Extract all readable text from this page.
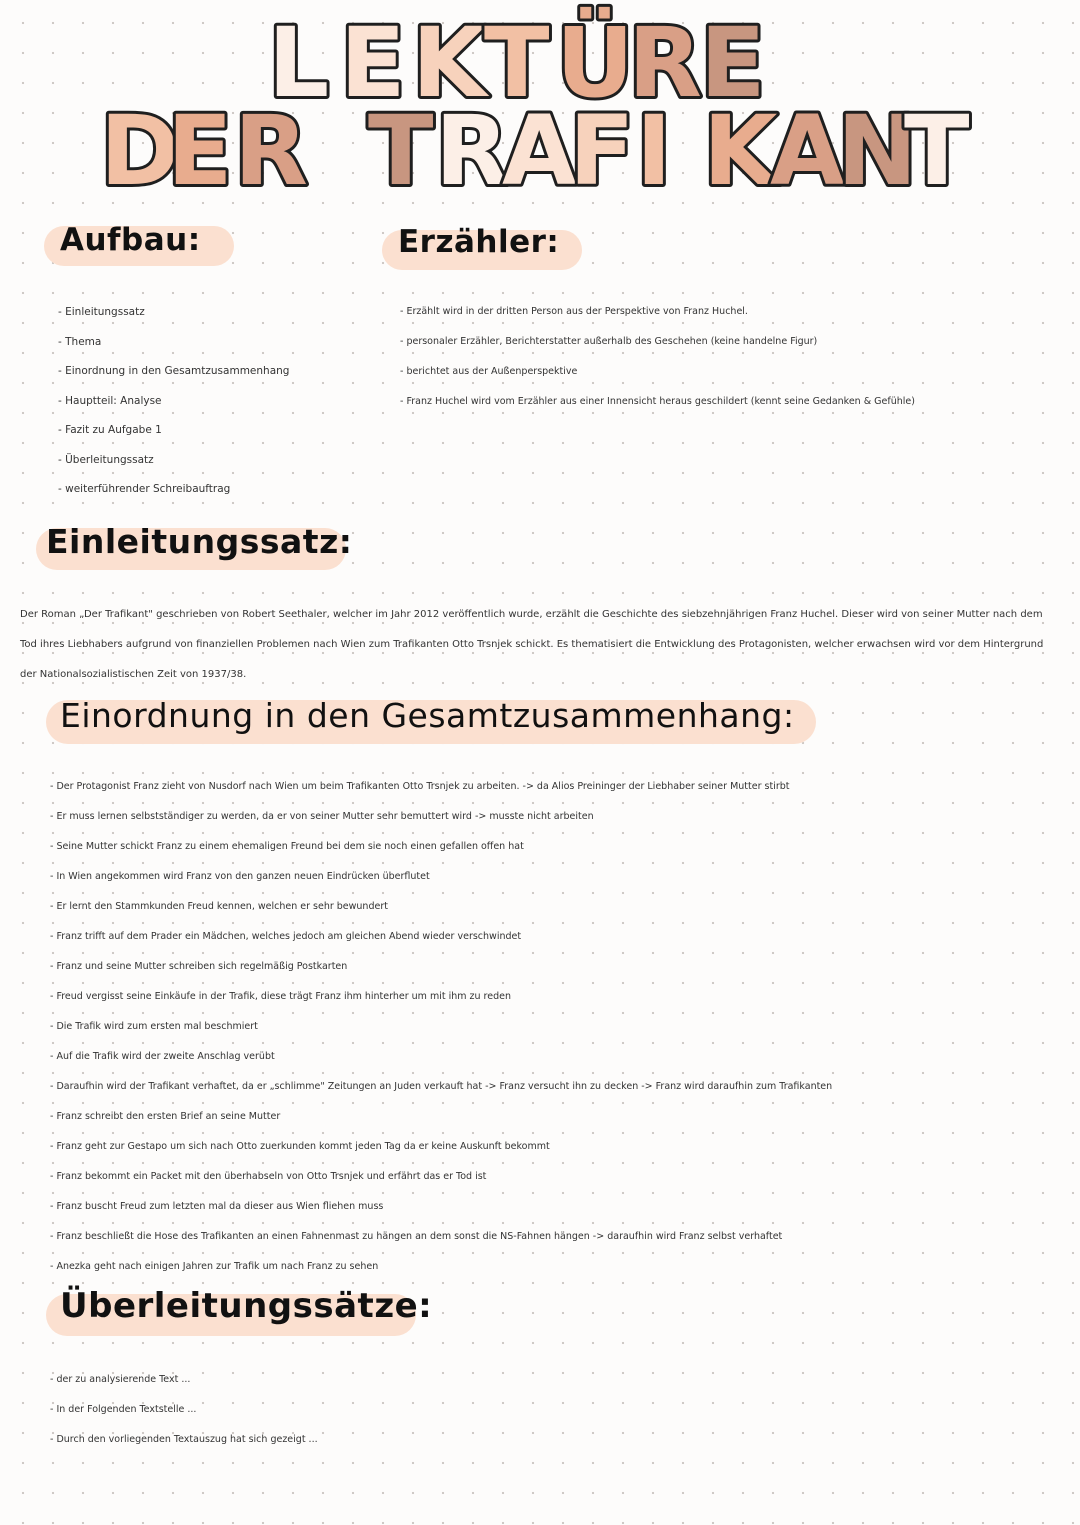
L E K
T Ü
R
E
D
E R T R
A
F I K
A
N
T
Aufbau:
- Einleitungssatz
- Thema
- Einordnung in den Gesamtzusammenhang
- Hauptteil: Analyse
- Fazit zu Aufgabe 1
- Überleitungssatz
- weiterführender Schreibauftrag
Erzähler:
- Erzählt wird in der dritten Person aus der Perspektive von Franz Huchel.
- personaler Erzähler, Berichterstatter außerhalb des Geschehen (keine handelne Figur)
- berichtet aus der Außenperspektive
- Franz Huchel wird vom Erzähler aus einer Innensicht heraus geschildert (kennt seine Gedanken & Gefühle)
Einleitungssatz:

Der Roman „Der Trafikant" geschrieben von Robert Seethaler, welcher im Jahr 2012 veröffentlich wurde, erzählt die Geschichte des siebzehnjährigen Franz Huchel. Dieser wird von seiner Mutter nach dem Tod ihres Liebhabers aufgrund von finanziellen Problemen nach Wien zum Trafikanten Otto Trsnjek schickt. Es thematisiert die Entwicklung des Protagonisten, welcher erwachsen wird vor dem Hintergrund der Nationalsozialistischen Zeit von 1937/38.

Einordnung in den Gesamtzusammenhang:
- Der Protagonist Franz zieht von Nusdorf nach Wien um beim Trafikanten Otto Trsnjek zu arbeiten. -> da Alios Preininger der Liebhaber seiner Mutter stirbt
- Er muss lernen selbstständiger zu werden, da er von seiner Mutter sehr bemuttert wird -> musste nicht arbeiten
- Seine Mutter schickt Franz zu einem ehemaligen Freund bei dem sie noch einen gefallen offen hat
- In Wien angekommen wird Franz von den ganzen neuen Eindrücken überflutet
- Er lernt den Stammkunden Freud kennen, welchen er sehr bewundert
- Franz trifft auf dem Prader ein Mädchen, welches jedoch am gleichen Abend wieder verschwindet
- Franz und seine Mutter schreiben sich regelmäßig Postkarten
- Freud vergisst seine Einkäufe in der Trafik, diese trägt Franz ihm hinterher um mit ihm zu reden
- Die Trafik wird zum ersten mal beschmiert
- Auf die Trafik wird der zweite Anschlag verübt
- Daraufhin wird der Trafikant verhaftet, da er „schlimme" Zeitungen an Juden verkauft hat -> Franz versucht ihn zu decken -> Franz wird daraufhin zum Trafikanten
- Franz schreibt den ersten Brief an seine Mutter
- Franz geht zur Gestapo um sich nach Otto zuerkunden kommt jeden Tag da er keine Auskunft bekommt
- Franz bekommt ein Packet mit den überhabseln von Otto Trsnjek und erfährt das er Tod ist
- Franz buscht Freud zum letzten mal da dieser aus Wien fliehen muss
- Franz beschließt die Hose des Trafikanten an einen Fahnenmast zu hängen an dem sonst die NS-Fahnen hängen -> daraufhin wird Franz selbst verhaftet
- Anezka geht nach einigen Jahren zur Trafik um nach Franz zu sehen
Überleitungssätze:
- der zu analysierende Text ...
- In der Folgenden Textstelle ...
- Durch den vorliegenden Textauszug hat sich gezeigt ...
